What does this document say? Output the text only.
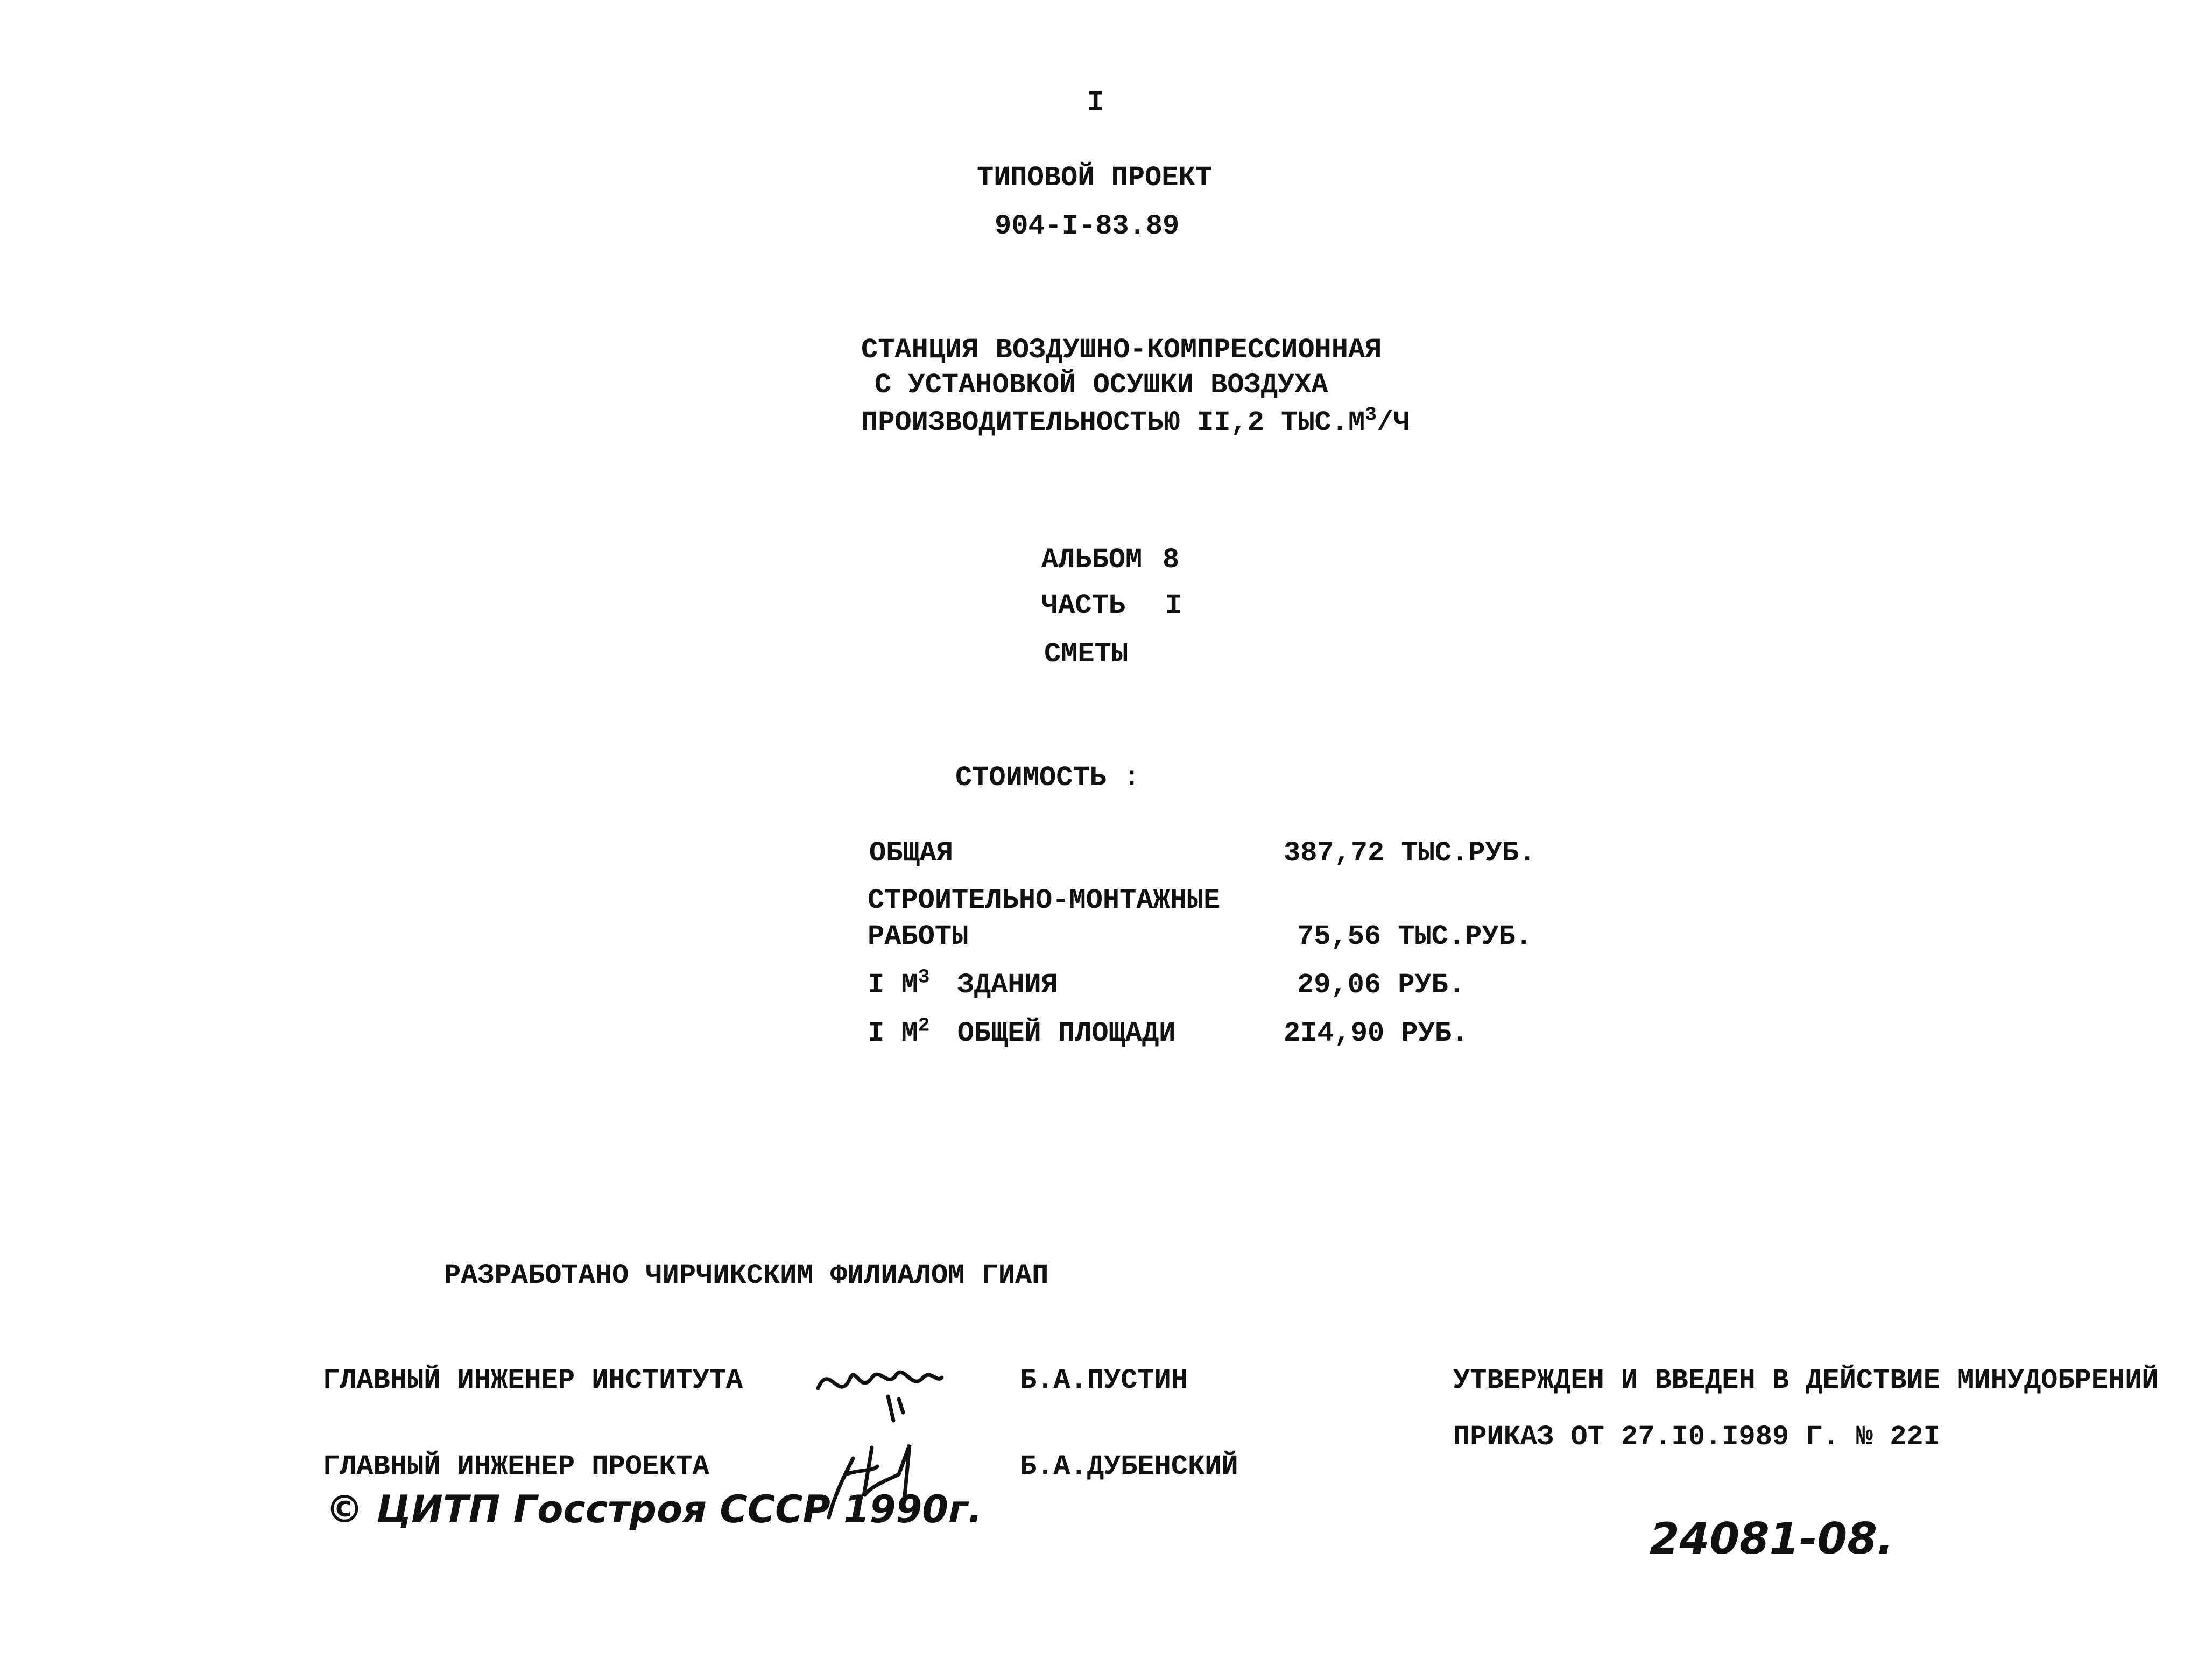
I
ТИПОВОЙ ПРОЕКТ
904-I-83.89
СТАНЦИЯ ВОЗДУШНО-КОМПРЕССИОННАЯ
С УСТАНОВКОЙ ОСУШКИ ВОЗДУХА
ПРОИЗВОДИТЕЛЬНОСТЬЮ II,2 $ТЫС.М^3/Ч$
АЛЬБОМ 8
ЧАСТЬ I
СМЕТЫ
СТОИМОСТЬ :
ОБЩАЯ	387,72 ТЫС.РУБ.
СТРОИТЕЛЬНО-МОНТАЖНЫЕ
РАБОТЫ	75,56 ТЫС.РУБ.
I $М^3$ ЗДАНИЯ	29,06 РУБ.
I $М^2$ ОБЩЕЙ ПЛОЩАДИ	2I4,90 РУБ.
РАЗРАБОТАНО ЧИРЧИКСКИМ ФИЛИАЛОМ ГИАП
ГЛАВНЫЙ ИНЖЕНЕР ИНСТИТУТА	Б.А.ПУСТИН
ГЛАВНЫЙ ИНЖЕНЕР ПРОЕКТА	Б.А.ДУБЕНСКИЙ
© ЦИТП Госстроя СССР 1990г.
УТВЕРЖДЕН И ВВЕДЕН В ДЕЙСТВИЕ МИНУДОБРЕНИЙ
ПРИКАЗ ОТ 27.I0.I989 Г. № 22I
24081-08.
